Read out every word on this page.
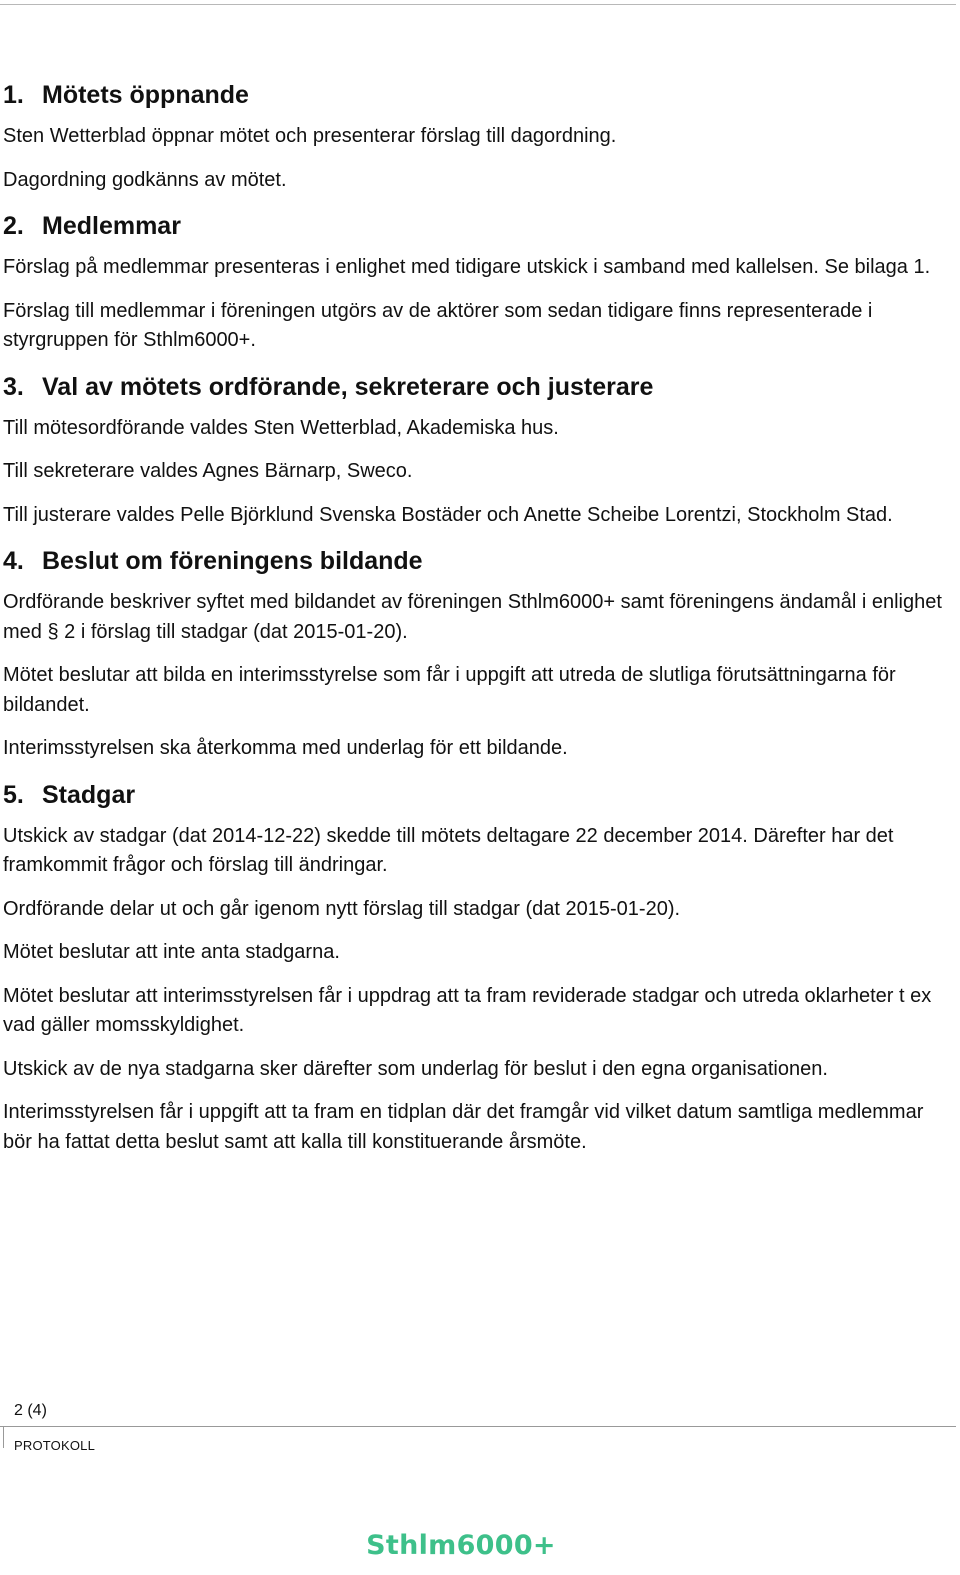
1. Mötets öppnande

Sten Wetterblad öppnar mötet och presenterar förslag till dagordning.

Dagordning godkänns av mötet.

2. Medlemmar

Förslag på medlemmar presenteras i enlighet med tidigare utskick i samband med kallelsen. Se bilaga 1.

Förslag till medlemmar i föreningen utgörs av de aktörer som sedan tidigare finns representerade i styrgruppen för Sthlm6000+.

3. Val av mötets ordförande, sekreterare och justerare

Till mötesordförande valdes Sten Wetterblad, Akademiska hus.

Till sekreterare valdes Agnes Bärnarp, Sweco.

Till justerare valdes Pelle Björklund Svenska Bostäder och Anette Scheibe Lorentzi, Stockholm Stad.

4. Beslut om föreningens bildande

Ordförande beskriver syftet med bildandet av föreningen Sthlm6000+ samt föreningens ändamål i enlighet med § 2 i förslag till stadgar (dat 2015-01-20).

Mötet beslutar att bilda en interimsstyrelse som får i uppgift att utreda de slutliga förutsättningarna för bildandet.

Interimsstyrelsen ska återkomma med underlag för ett bildande.

5. Stadgar

Utskick av stadgar (dat 2014-12-22) skedde till mötets deltagare 22 december 2014. Därefter har det framkommit frågor och förslag till ändringar.

Ordförande delar ut och går igenom nytt förslag till stadgar (dat 2015-01-20).

Mötet beslutar att inte anta stadgarna.

Mötet beslutar att interimsstyrelsen får i uppdrag att ta fram reviderade stadgar och utreda oklarheter t ex vad gäller momsskyldighet.

Utskick av de nya stadgarna sker därefter som underlag för beslut i den egna organisationen.

Interimsstyrelsen får i uppgift att ta fram en tidplan där det framgår vid vilket datum samtliga medlemmar bör ha fattat detta beslut samt att kalla till konstituerande årsmöte.

2 (4)
PROTOKOLL
Sthlm6000+
